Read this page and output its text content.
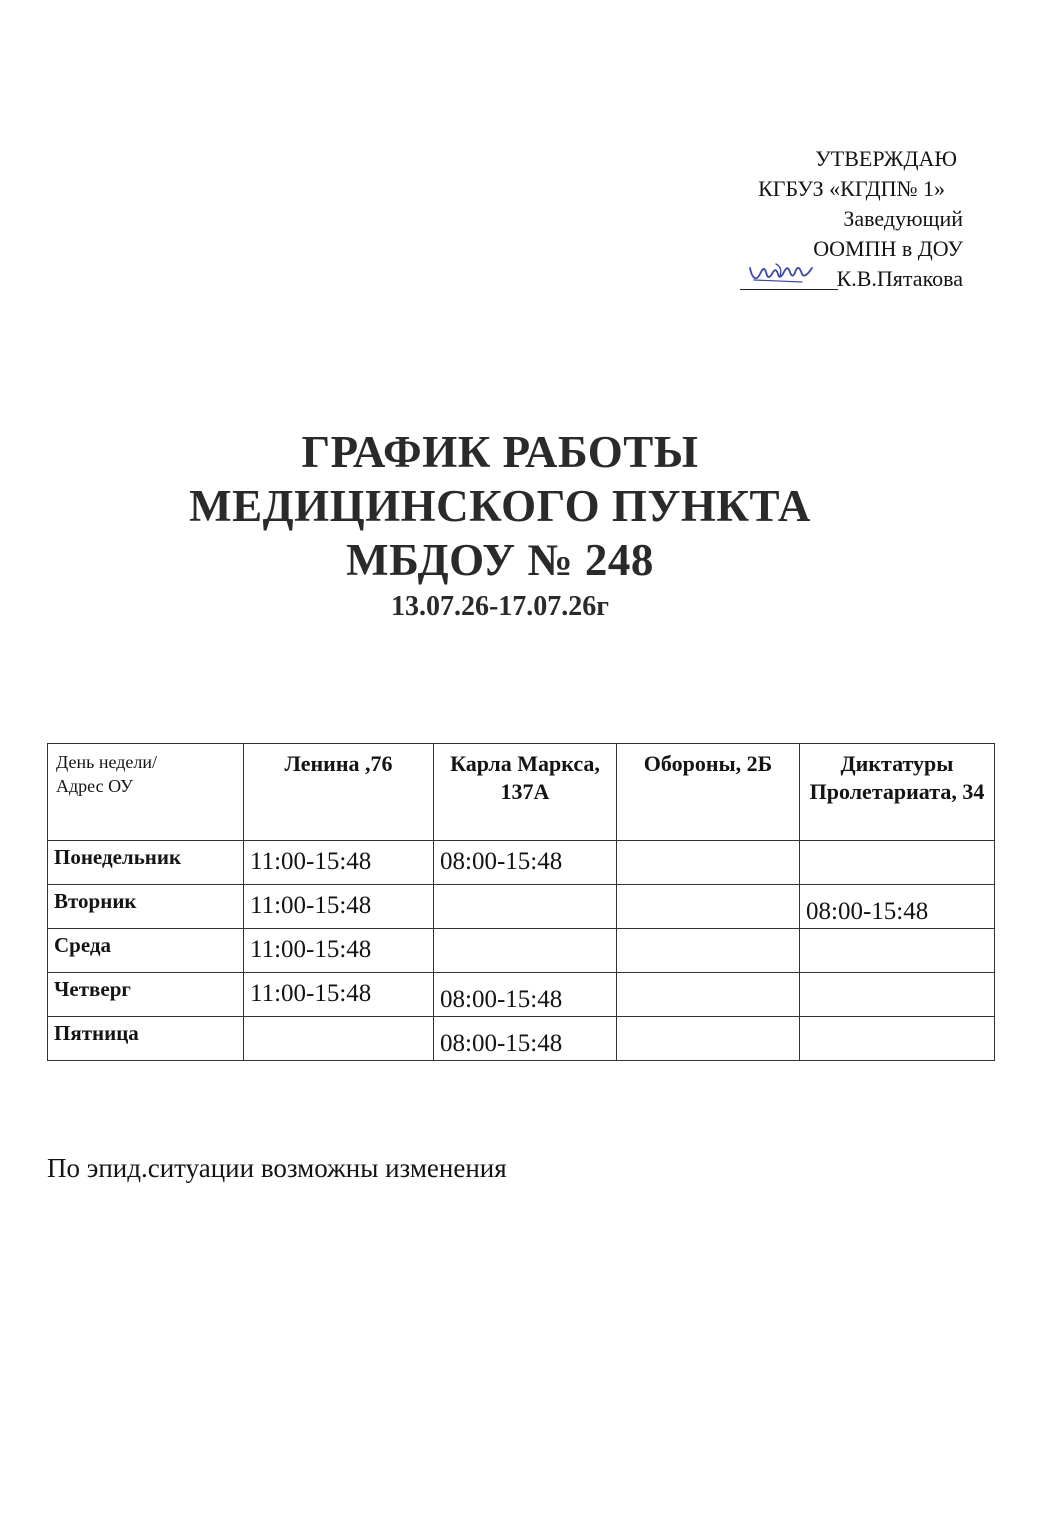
УТВЕРЖДАЮ
КГБУЗ «КГДП№ 1»
Заведующий
ООМПН в ДОУ
К.В.Пятакова
ГРАФИК РАБОТЫ
МЕДИЦИНСКОГО ПУНКТА
МБДОУ № 248
13.07.26-17.07.26г
День недели/
Адрес ОУ	Ленина ,76	Карла Маркса, 137А	Обороны, 2Б	Диктатуры Пролетариата, 34
Понедельник	11:00-15:48	08:00-15:48		
Вторник	11:00-15:48			08:00-15:48
Среда	11:00-15:48			
Четверг	11:00-15:48	08:00-15:48		
Пятница		08:00-15:48		
По эпид.ситуации возможны изменения
